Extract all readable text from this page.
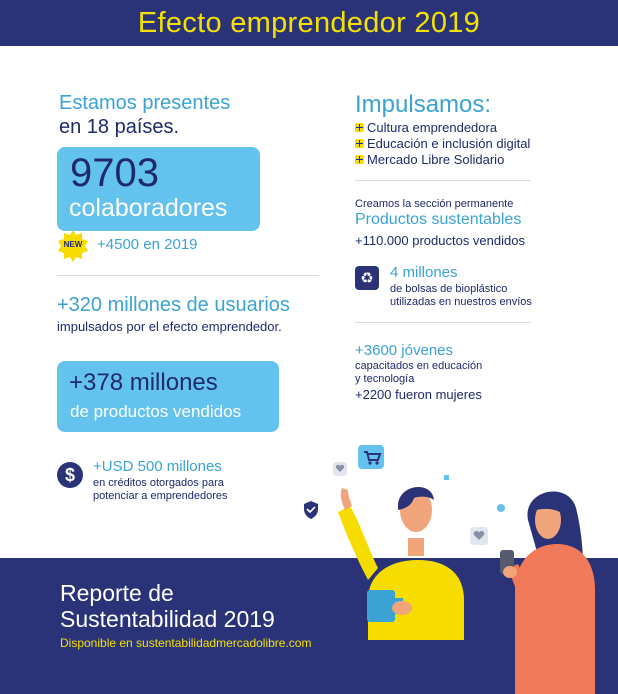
Efecto emprendedor 2019
Estamos presentes
en 18 países.
9703
colaboradores
NEW +4500 en 2019
+320 millones de usuarios
impulsados por el efecto emprendedor.
+378 millones
de productos vendidos
$	+USD 500 millones
en créditos otorgados para
potenciar a emprendedores
Impulsamos:
Cultura emprendedora
Educación e inclusión digital
Mercado Libre Solidario
Creamos la sección permanente
Productos sustentables
+110.000 productos vendidos
♻	4 millones
de bolsas de bioplástico
utilizadas en nuestros envíos
+3600 jóvenes
capacitados en educación
y tecnología
+2200 fueron mujeres
Reporte de
Sustentabilidad 2019
Disponible en sustentabilidadmercadolibre.com
